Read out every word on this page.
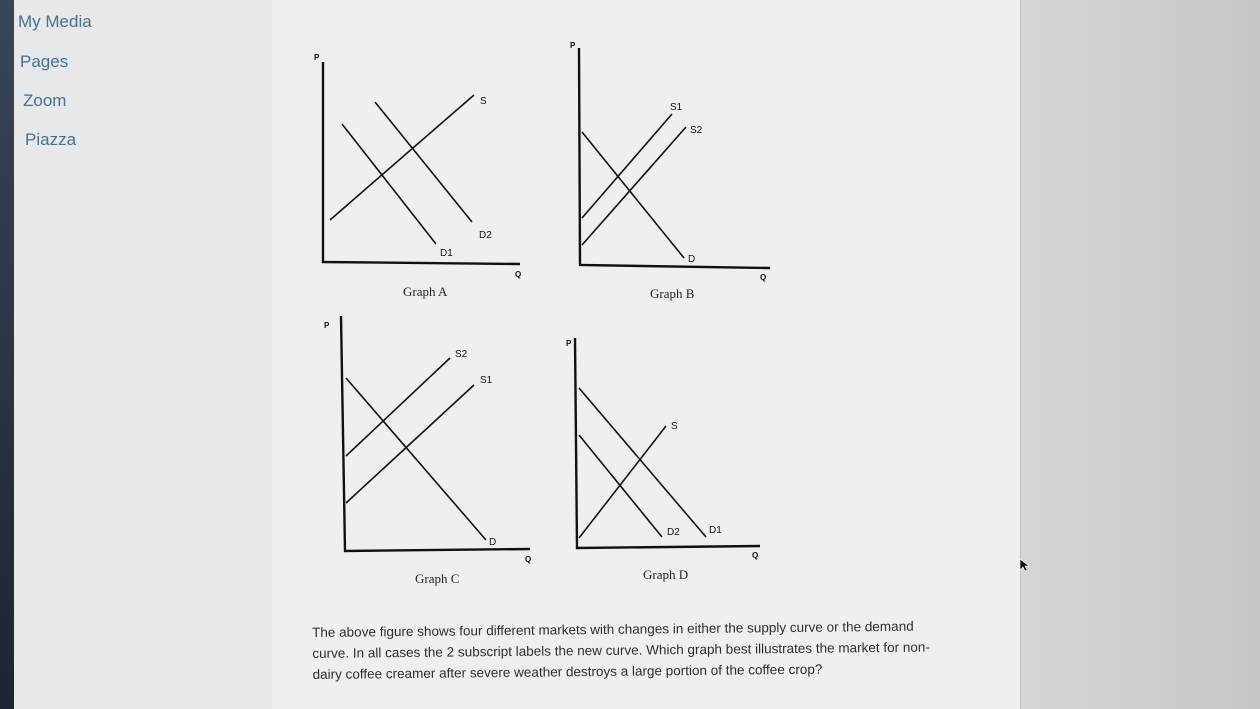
My Media
Pages
Zoom
Piazza
P
Q
S
D1
D2
Graph A
P
Q
S1
S2
D
Graph B
P
Q
S2
S1
D
Graph C
P
Q
S
D2	D1
Graph D
The above figure shows four different markets with changes in either the supply curve or the demand curve. In all cases the 2 subscript labels the new curve. Which graph best illustrates the market for non-dairy coffee creamer after severe weather destroys a large portion of the coffee crop?
